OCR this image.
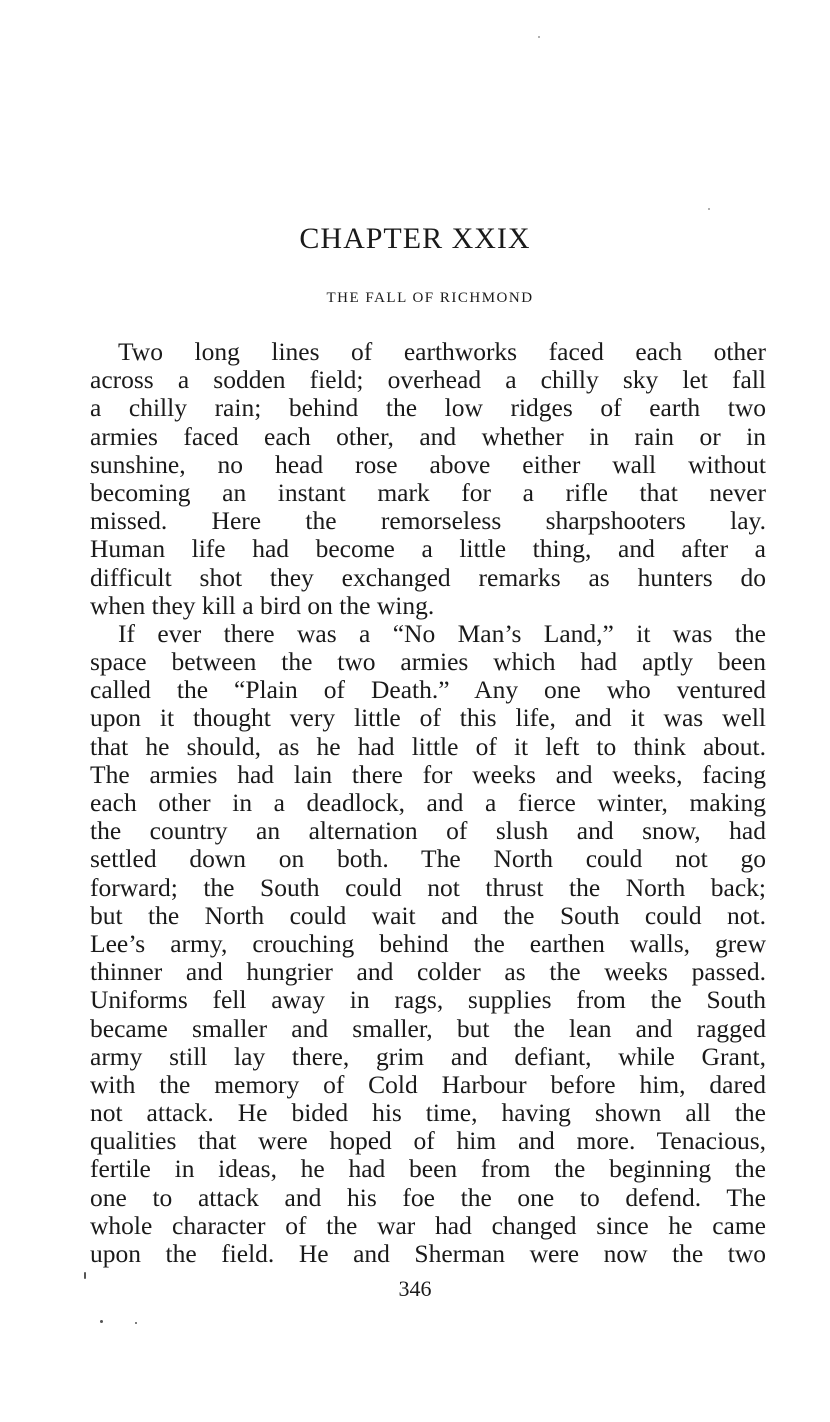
CHAPTER XXIX
THE FALL OF RICHMOND
Two long lines of earthworks faced each other
across a sodden field; overhead a chilly sky let fall
a chilly rain; behind the low ridges of earth two
armies faced each other, and whether in rain or in
sunshine, no head rose above either wall without
becoming an instant mark for a rifle that never
missed. Here the remorseless sharpshooters lay.
Human life had become a little thing, and after a
difficult shot they exchanged remarks as hunters do
when they kill a bird on the wing.
If ever there was a “No Man’s Land,” it was the
space between the two armies which had aptly been
called the “Plain of Death.” Any one who ventured
upon it thought very little of this life, and it was well
that he should, as he had little of it left to think about.
The armies had lain there for weeks and weeks, facing
each other in a deadlock, and a fierce winter, making
the country an alternation of slush and snow, had
settled down on both. The North could not go
forward; the South could not thrust the North back;
but the North could wait and the South could not.
Lee’s army, crouching behind the earthen walls, grew
thinner and hungrier and colder as the weeks passed.
Uniforms fell away in rags, supplies from the South
became smaller and smaller, but the lean and ragged
army still lay there, grim and defiant, while Grant,
with the memory of Cold Harbour before him, dared
not attack. He bided his time, having shown all the
qualities that were hoped of him and more. Tenacious,
fertile in ideas, he had been from the beginning the
one to attack and his foe the one to defend. The
whole character of the war had changed since he came
upon the field. He and Sherman were now the two
346
